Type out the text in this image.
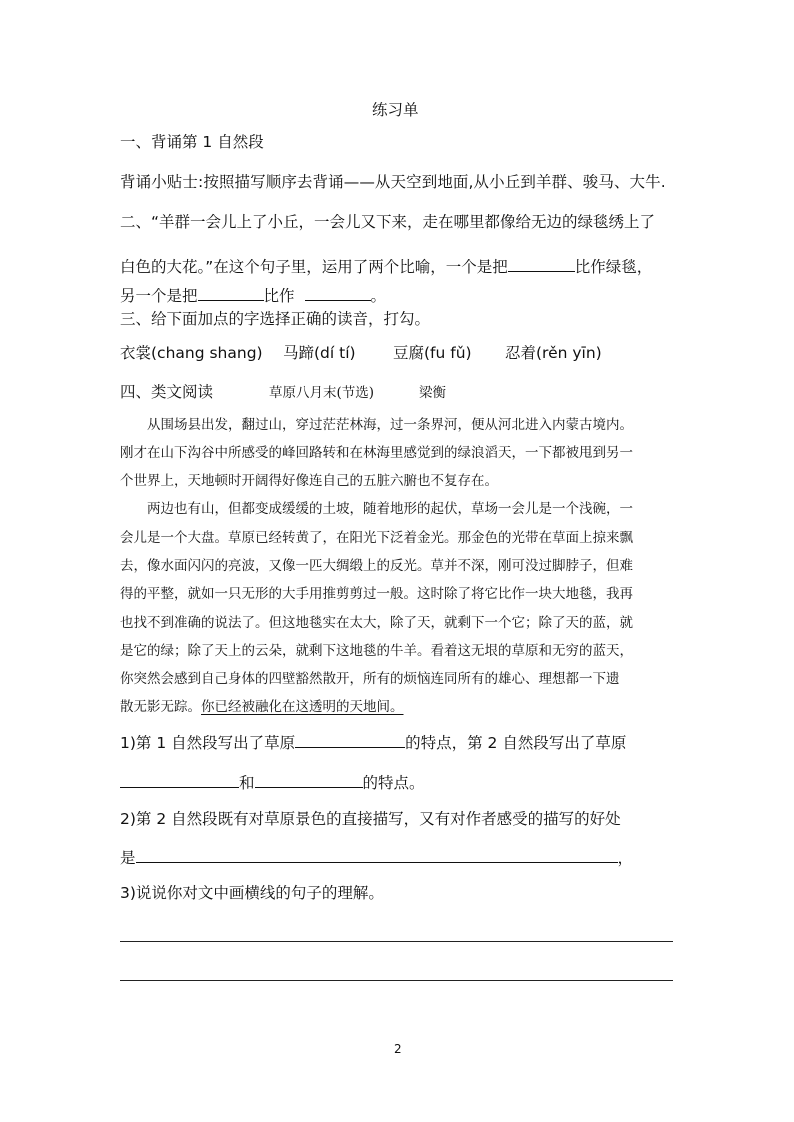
练习单
一、背诵第 1 自然段
背诵小贴士:按照描写顺序去背诵——从天空到地面,从小丘到羊群、骏马、大牛.
二、“羊群一会儿上了小丘，一会儿又下来，走在哪里都像给无边的绿毯绣上了
白色的大花。”在这个句子里，运用了两个比喻，一个是把	比作绿毯，
另一个是把	比作	。
三、给下面加点的字选择正确的读音，打勾。
衣裳(chang shang) 马蹄(dí tí) 豆腐(fu fǔ) 忍着(rěn yīn)
四、类文阅读	草原八月末(节选)	梁衡
从围场县出发，翻过山，穿过茫茫林海，过一条界河，便从河北进入内蒙古境内。
刚才在山下沟谷中所感受的峰回路转和在林海里感觉到的绿浪滔天，一下都被甩到另一
个世界上，天地顿时开阔得好像连自己的五脏六腑也不复存在。
两边也有山，但都变成缓缓的土坡，随着地形的起伏，草场一会儿是一个浅碗，一
会儿是一个大盘。草原已经转黄了，在阳光下泛着金光。那金色的光带在草面上掠来飘
去，像水面闪闪的亮波，又像一匹大绸缎上的反光。草并不深，刚可没过脚脖子，但难
得的平整，就如一只无形的大手用推剪剪过一般。这时除了将它比作一块大地毯，我再
也找不到准确的说法了。但这地毯实在太大，除了天，就剩下一个它；除了天的蓝，就
是它的绿；除了天上的云朵，就剩下这地毯的牛羊。看着这无垠的草原和无穷的蓝天，
你突然会感到自己身体的四壁豁然散开，所有的烦恼连同所有的雄心、理想都一下遗
散无影无踪。你已经被融化在这透明的天地间。
1)第 1 自然段写出了草原	的特点，第 2 自然段写出了草原
和	的特点。
2)第 2 自然段既有对草原景色的直接描写，又有对作者感受的描写的好处
是	，
3)说说你对文中画横线的句子的理解。
2
